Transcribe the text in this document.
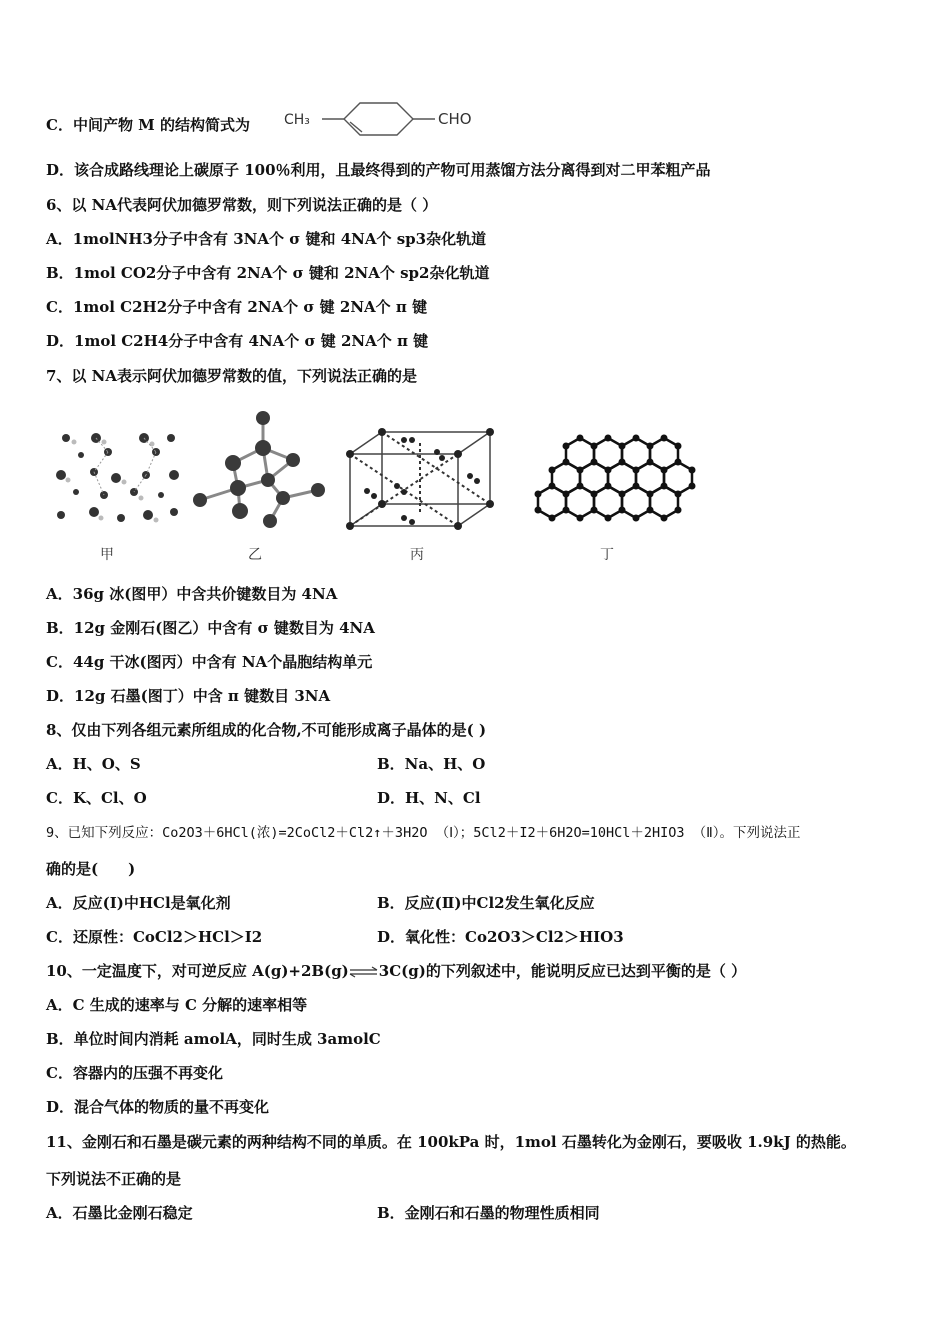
C．中间产物 M 的结构简式为 CH₃	CHO
D．该合成路线理论上碳原子 100％利用，且最终得到的产物可用蒸馏方法分离得到对二甲苯粗产品
6、以 NA代表阿伏加德罗常数，则下列说法正确的是（ ）
A．1molNH3分子中含有 3NA个 σ 键和 4NA个 sp3杂化轨道
B．1mol CO2分子中含有 2NA个 σ 键和 2NA个 sp2杂化轨道
C．1mol C2H2分子中含有 2NA个 σ 键 2NA个 π 键
D．1mol C2H4分子中含有 4NA个 σ 键 2NA个 π 键
7、以 NA表示阿伏加德罗常数的值，下列说法正确的是
甲	乙	丙	丁
A．36g 冰(图甲）中含共价键数目为 4NA
B．12g 金刚石(图乙）中含有 σ 键数目为 4NA
C．44g 干冰(图丙）中含有 NA个晶胞结构单元
D．12g 石墨(图丁）中含 π 键数目 3NA
8、仅由下列各组元素所组成的化合物,不可能形成离子晶体的是( )
A．H、O、S	B．Na、H、O
C．K、Cl、O	D．H、N、Cl
9、已知下列反应：Co2O3＋6HCl(浓)=2CoCl2＋Cl2↑＋3H2O （Ⅰ）；5Cl2＋I2＋6H2O=10HCl＋2HIO3 （Ⅱ）。下列说法正
确的是(　　)
A．反应(Ⅰ)中HCl是氧化剂	B．反应(Ⅱ)中Cl2发生氧化反应
C．还原性：CoCl2＞HCl＞I2	D．氧化性：Co2O3＞Cl2＞HIO3
10、一定温度下，对可逆反应 A(g)+2B(g)⇌3C(g)的下列叙述中，能说明反应已达到平衡的是（ ）
A．C 生成的速率与 C 分解的速率相等
B．单位时间内消耗 amolA，同时生成 3amolC
C．容器内的压强不再变化
D．混合气体的物质的量不再变化
11、金刚石和石墨是碳元素的两种结构不同的单质。在 100kPa 时，1mol 石墨转化为金刚石，要吸收 1.9kJ 的热能。
下列说法不正确的是
A．石墨比金刚石稳定	B．金刚石和石墨的物理性质相同
